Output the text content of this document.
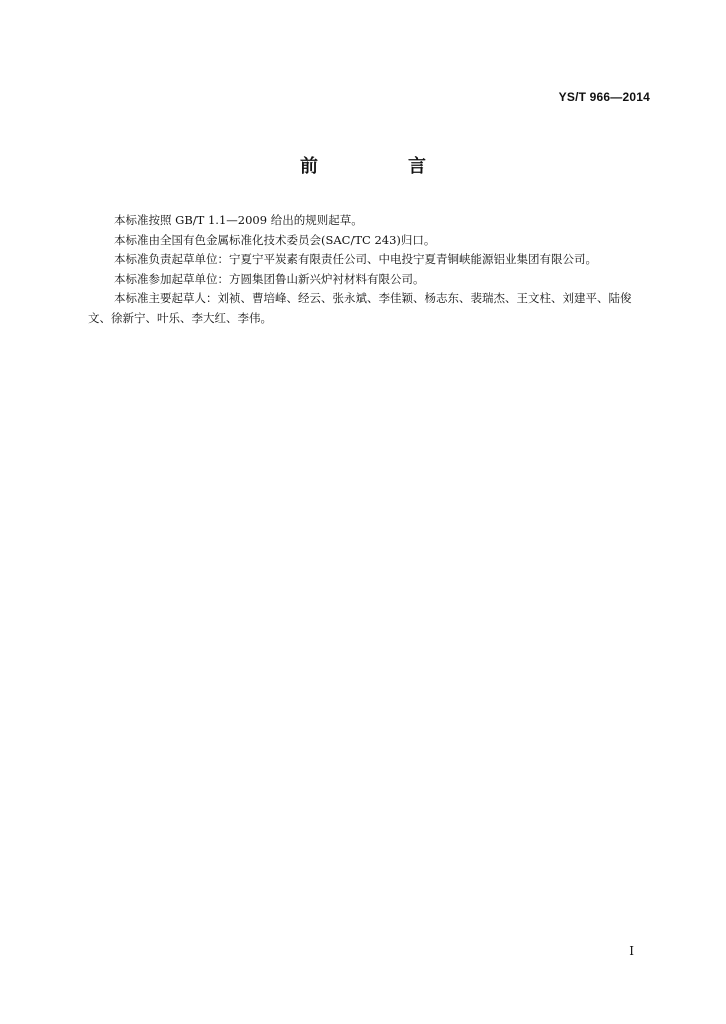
YS/T 966—2014
前　言

本标准按照 GB/T 1.1—2009 给出的规则起草。

本标准由全国有色金属标准化技术委员会(SAC/TC 243)归口。

本标准负责起草单位：宁夏宁平炭素有限责任公司、中电投宁夏青铜峡能源铝业集团有限公司。

本标准参加起草单位：方圆集团鲁山新兴炉衬材料有限公司。

本标准主要起草人：刘祯、曹培峰、经云、张永斌、李佳颖、杨志东、裴瑞杰、王文柱、刘建平、陆俊文、徐新宁、叶乐、李大红、李伟。

I
